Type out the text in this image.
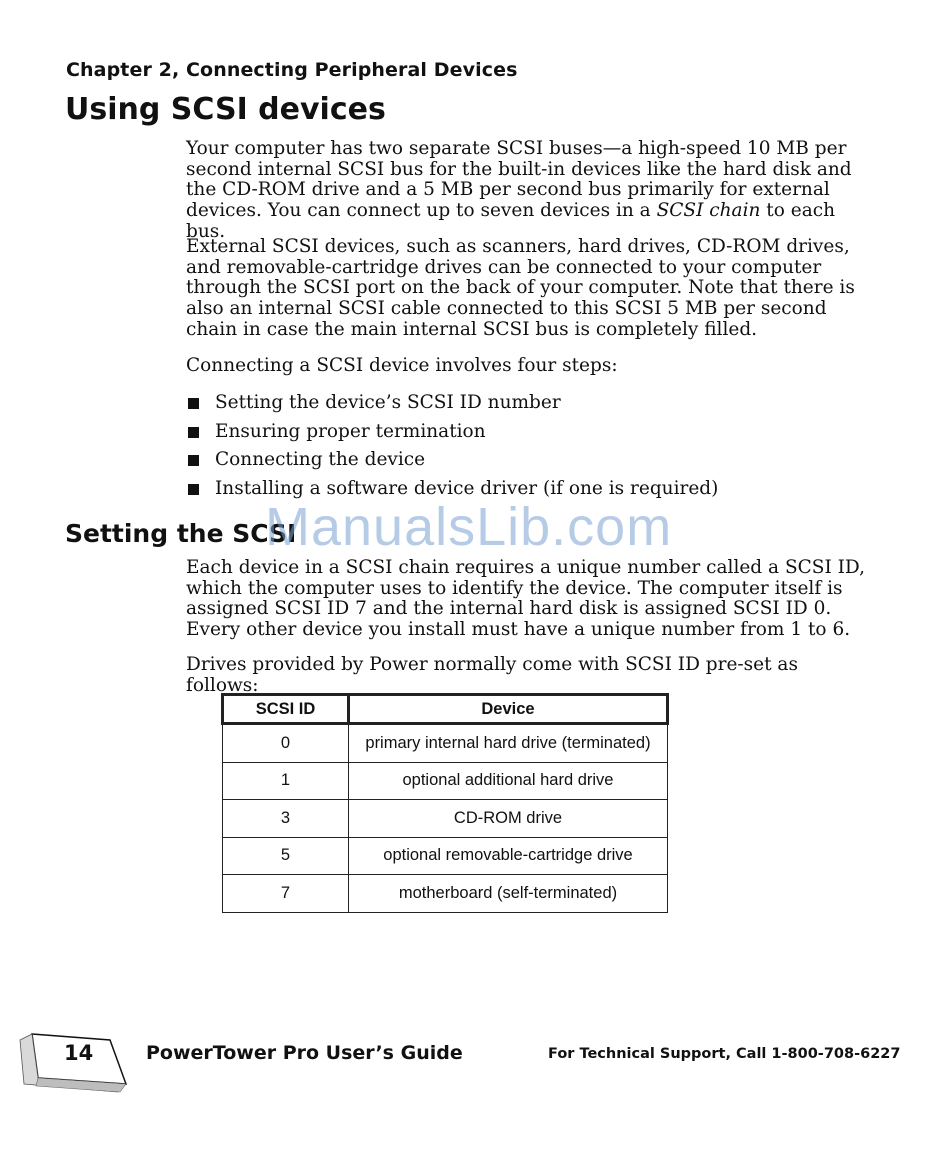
Chapter 2, Connecting Peripheral Devices
Using SCSI devices

Your computer has two separate SCSI buses—a high-speed 10 MB per second internal SCSI bus for the built-in devices like the hard disk and the CD-ROM drive and a 5 MB per second bus primarily for external devices. You can connect up to seven devices in a SCSI chain to each bus.

External SCSI devices, such as scanners, hard drives, CD-ROM drives, and removable-cartridge drives can be connected to your computer through the SCSI port on the back of your computer. Note that there is also an internal SCSI cable connected to this SCSI 5 MB per second chain in case the main internal SCSI bus is completely filled.

Connecting a SCSI device involves four steps:

Setting the device’s SCSI ID number
Ensuring proper termination
Connecting the device
Installing a software device driver (if one is required)
Setting the SCSI
ManualsLib.com

Each device in a SCSI chain requires a unique number called a SCSI ID, which the computer uses to identify the device. The computer itself is assigned SCSI ID 7 and the internal hard disk is assigned SCSI ID 0. Every other device you install must have a unique number from 1 to 6.

Drives provided by Power normally come with SCSI ID pre-set as follows:

SCSI ID	Device
0	primary internal hard drive (terminated)
1	optional additional hard drive
3	CD-ROM drive
5	optional removable-cartridge drive
7	motherboard (self-terminated)
14	PowerTower Pro User’s Guide	For Technical Support, Call 1-800-708-6227
